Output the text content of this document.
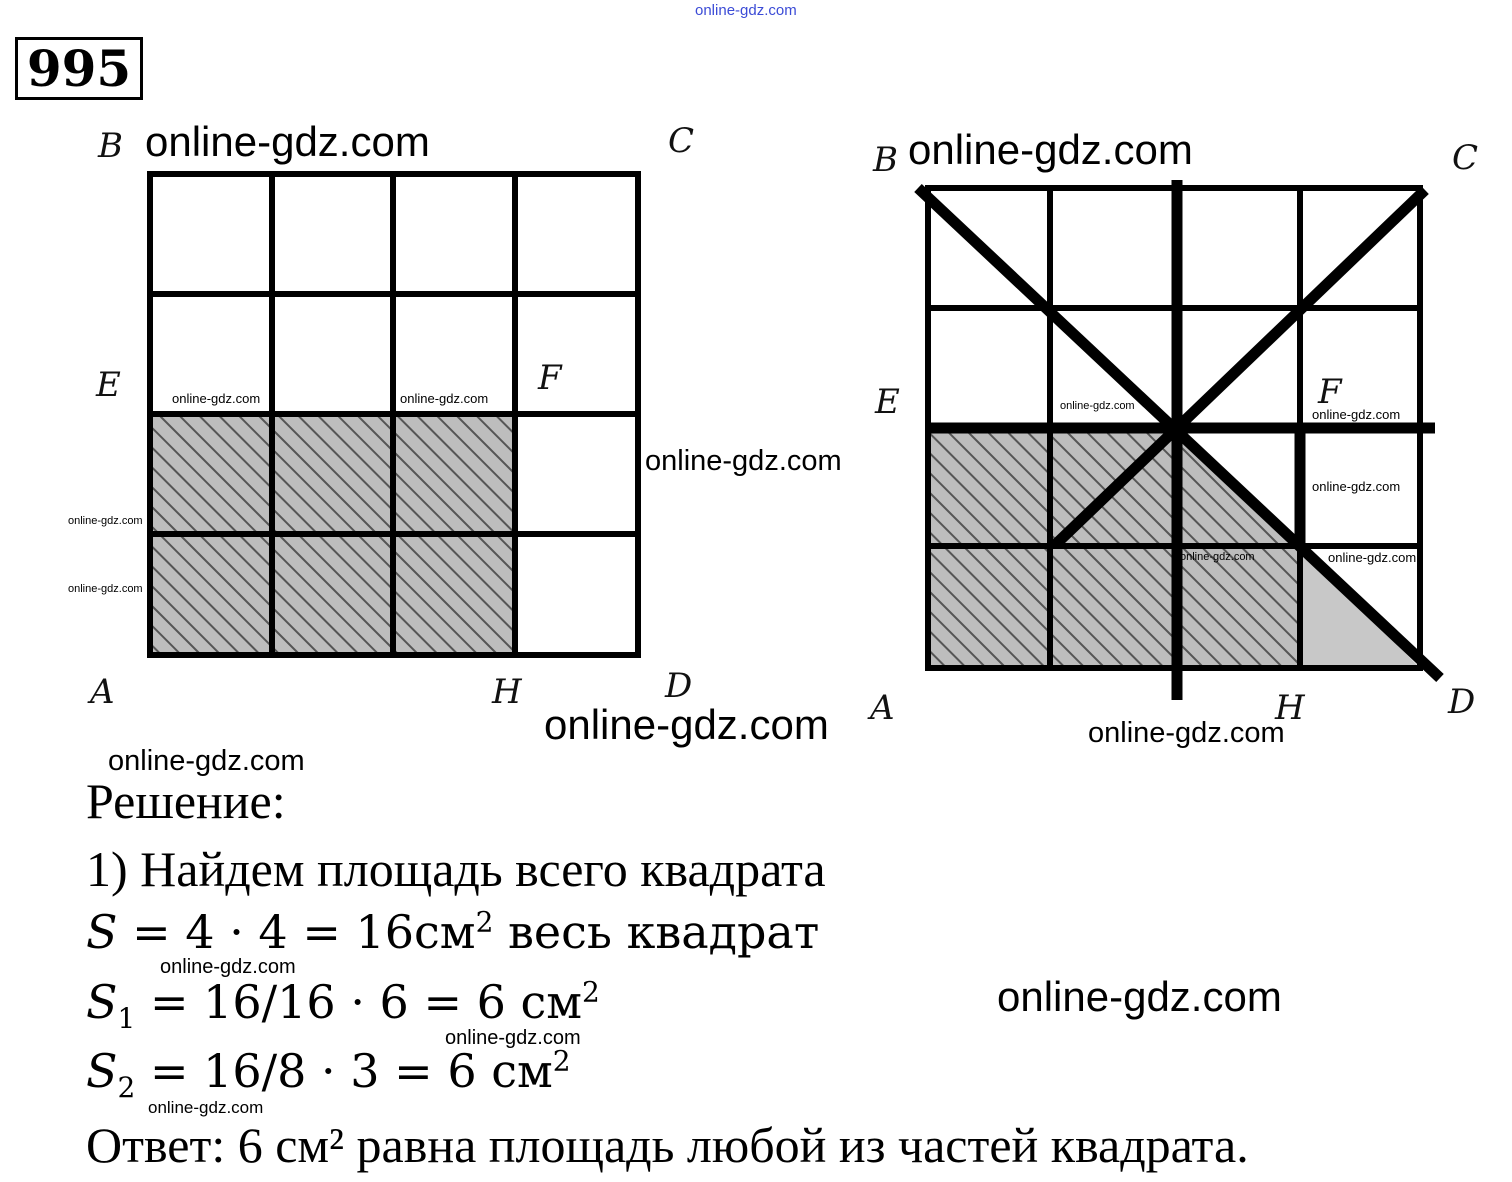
online-gdz.com
995
B	C
E	F
A	H	D
B	C
E	F
A	H	D
online-gdz.com	online-gdz.com
online-gdz.com	online-gdz.com
online-gdz.com
online-gdz.com
online-gdz.com
online-gdz.com
online-gdz.com
online-gdz.com
online-gdz.com	online-gdz.com
online-gdz.com	online-gdz.com
online-gdz.com
online-gdz.com
online-gdz.com
online-gdz.com
online-gdz.com
Решение:
1) Найдем площадь всего квадрата
$S = 4 \cdot 4 = 16см^2$ весь квадрат
$S_1 = 16/16 \cdot 6 = 6$ $см^2$
$S_2 = 16/8 \cdot 3 = 6$ $см^2$
Ответ: 6 см² равна площадь любой из частей квадрата.
